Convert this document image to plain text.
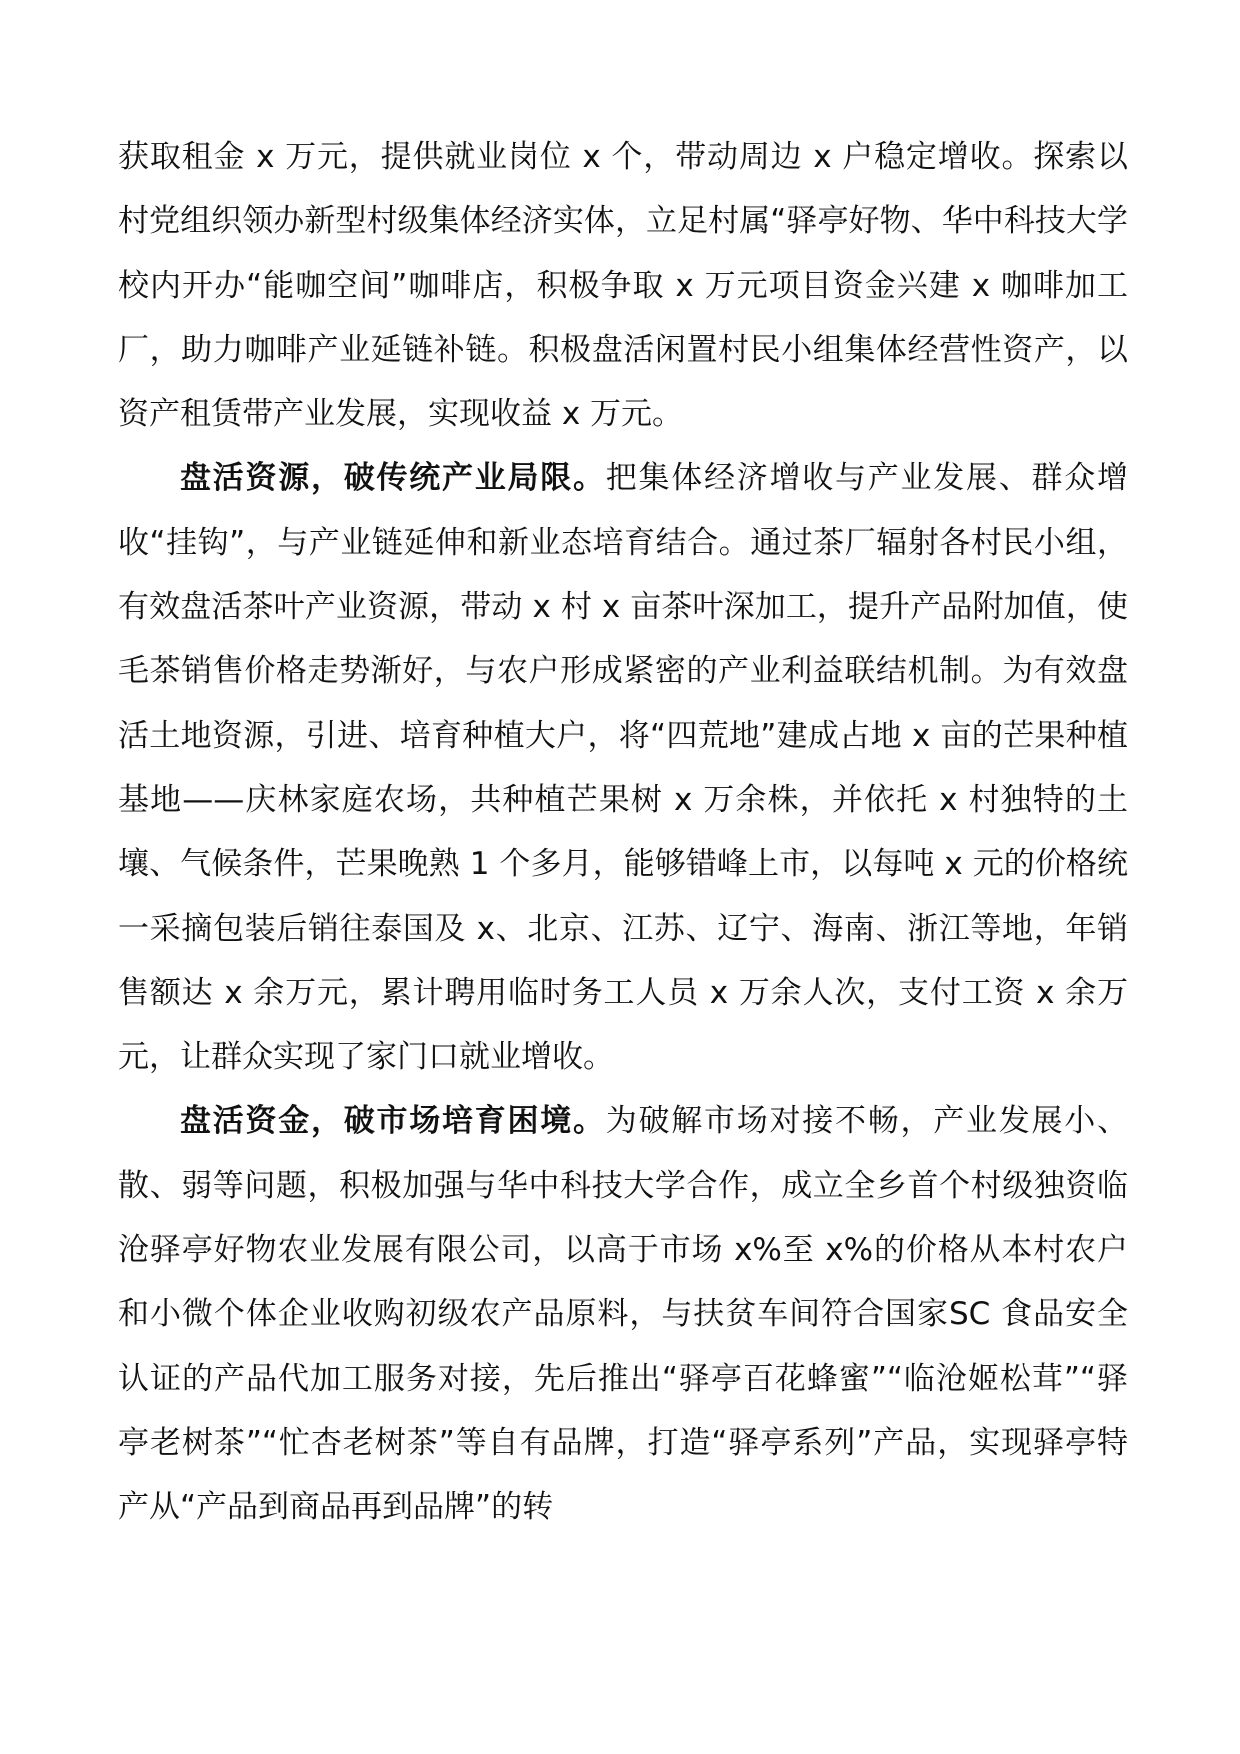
获取租金 x 万元，提供就业岗位 x 个，带动周边 x 户稳定增收。探索以村党组织领办新型村级集体经济实体，立足村属“驿亭好物、华中科技大学校内开办“能咖空间”咖啡店，积极争取 x 万元项目资金兴建 x 咖啡加工厂，助力咖啡产业延链补链。积极盘活闲置村民小组集体经营性资产，以资产租赁带产业发展，实现收益 x 万元。

盘活资源，破传统产业局限。把集体经济增收与产业发展、群众增收“挂钩”，与产业链延伸和新业态培育结合。通过茶厂辐射各村民小组，有效盘活茶叶产业资源，带动 x 村 x 亩茶叶深加工，提升产品附加值，使毛茶销售价格走势渐好，与农户形成紧密的产业利益联结机制。为有效盘活土地资源，引进、培育种植大户，将“四荒地”建成占地 x 亩的芒果种植基地——庆林家庭农场，共种植芒果树 x 万余株，并依托 x 村独特的土壤、气候条件，芒果晚熟 1 个多月，能够错峰上市，以每吨 x 元的价格统一采摘包装后销往泰国及 x、北京、江苏、辽宁、海南、浙江等地，年销售额达 x 余万元，累计聘用临时务工人员 x 万余人次，支付工资 x 余万元，让群众实现了家门口就业增收。

盘活资金，破市场培育困境。为破解市场对接不畅，产业发展小、散、弱等问题，积极加强与华中科技大学合作，成立全乡首个村级独资临沧驿亭好物农业发展有限公司，以高于市场 x%至 x%的价格从本村农户和小微个体企业收购初级农产品原料，与扶贫车间符合国家SC 食品安全认证的产品代加工服务对接，先后推出“驿亭百花蜂蜜”“临沧姬松茸”“驿亭老树茶”“忙杏老树茶”等自有品牌，打造“驿亭系列”产品，实现驿亭特产从“产品到商品再到品牌”的转
